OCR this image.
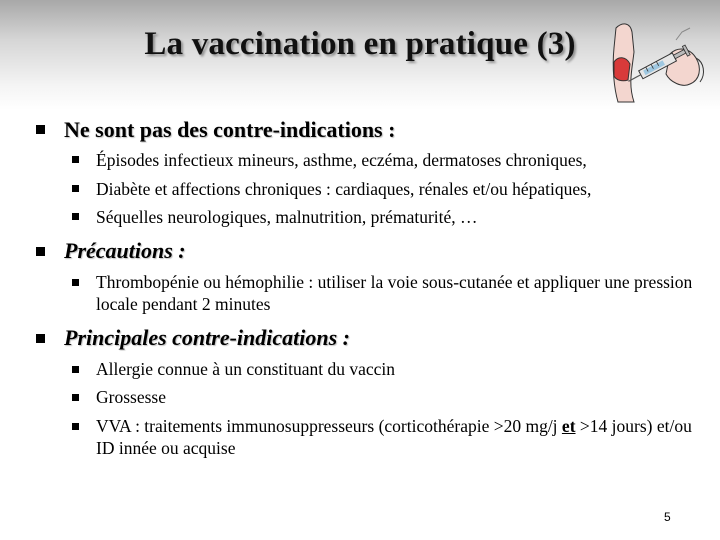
La vaccination en pratique (3)
Ne sont pas des contre-indications :
Épisodes infectieux mineurs, asthme, eczéma, dermatoses chroniques,
Diabète et affections chroniques : cardiaques, rénales et/ou hépatiques,
Séquelles neurologiques, malnutrition, prématurité, …
Précautions :
Thrombopénie ou hémophilie : utiliser la voie sous-cutanée et appliquer une pression locale pendant 2 minutes
Principales contre-indications :
Allergie connue à un constituant du vaccin
Grossesse
VVA : traitements immunosuppresseurs (corticothérapie >20 mg/j et >14 jours) et/ou ID innée ou acquise
5
